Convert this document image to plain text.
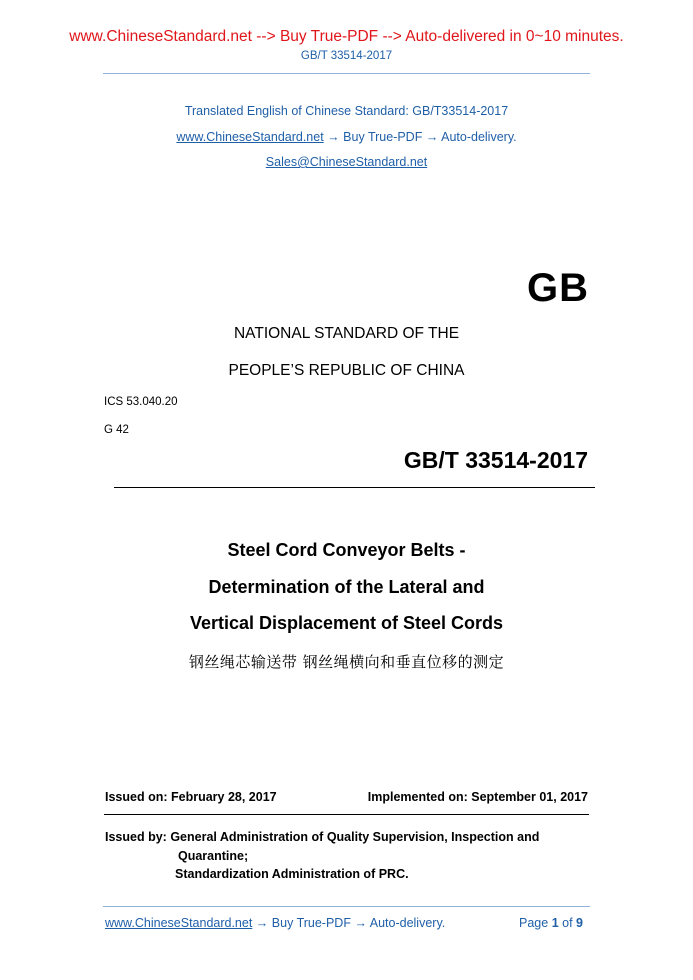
www.ChineseStandard.net --> Buy True-PDF --> Auto-delivered in 0~10 minutes.
GB/T 33514-2017
Translated English of Chinese Standard: GB/T33514-2017
www.ChineseStandard.net → Buy True-PDF → Auto-delivery.
Sales@ChineseStandard.net
GB
NATIONAL STANDARD OF THE
PEOPLE’S REPUBLIC OF CHINA
ICS 53.040.20
G 42
GB/T 33514-2017
Steel Cord Conveyor Belts -
Determination of the Lateral and
Vertical Displacement of Steel Cords
钢丝绳芯输送带 钢丝绳横向和垂直位移的测定
Issued on: February 28, 2017	Implemented on: September 01, 2017
Issued by: General Administration of Quality Supervision, Inspection and
Quarantine;
Standardization Administration of PRC.
www.ChineseStandard.net → Buy True-PDF → Auto-delivery.	Page 1 of 9
